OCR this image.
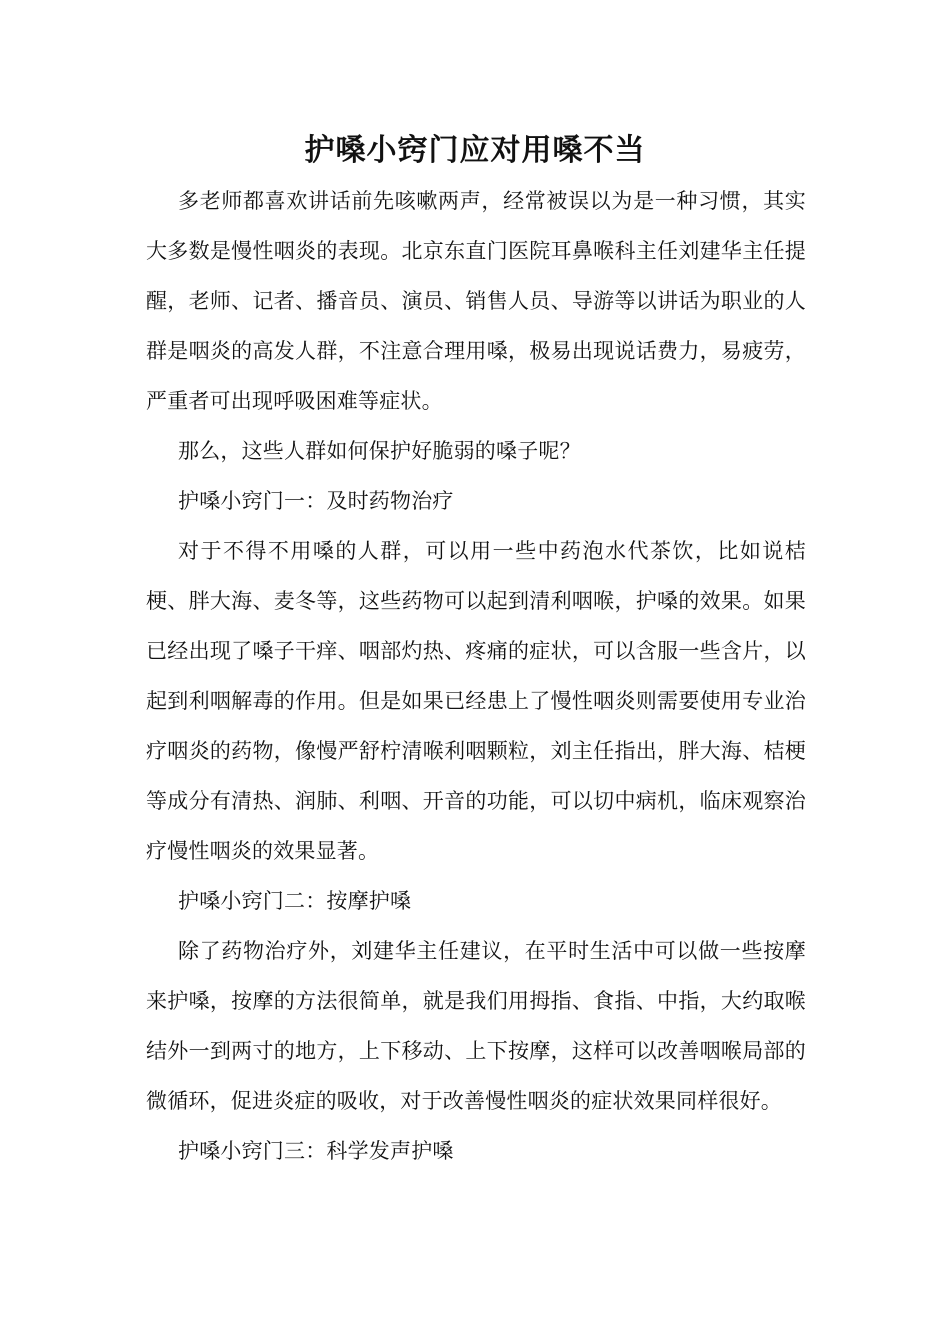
护嗓小窍门应对用嗓不当

多老师都喜欢讲话前先咳嗽两声，经常被误以为是一种习惯，其实大多数是慢性咽炎的表现。北京东直门医院耳鼻喉科主任刘建华主任提醒，老师、记者、播音员、演员、销售人员、导游等以讲话为职业的人群是咽炎的高发人群，不注意合理用嗓，极易出现说话费力，易疲劳，严重者可出现呼吸困难等症状。

那么，这些人群如何保护好脆弱的嗓子呢？

护嗓小窍门一：及时药物治疗

对于不得不用嗓的人群，可以用一些中药泡水代茶饮，比如说桔梗、胖大海、麦冬等，这些药物可以起到清利咽喉，护嗓的效果。如果已经出现了嗓子干痒、咽部灼热、疼痛的症状，可以含服一些含片，以起到利咽解毒的作用。但是如果已经患上了慢性咽炎则需要使用专业治疗咽炎的药物，像慢严舒柠清喉利咽颗粒，刘主任指出，胖大海、桔梗等成分有清热、润肺、利咽、开音的功能，可以切中病机，临床观察治疗慢性咽炎的效果显著。

护嗓小窍门二：按摩护嗓

除了药物治疗外，刘建华主任建议，在平时生活中可以做一些按摩来护嗓，按摩的方法很简单，就是我们用拇指、食指、中指，大约取喉结外一到两寸的地方，上下移动、上下按摩，这样可以改善咽喉局部的微循环，促进炎症的吸收，对于改善慢性咽炎的症状效果同样很好。

护嗓小窍门三：科学发声护嗓
